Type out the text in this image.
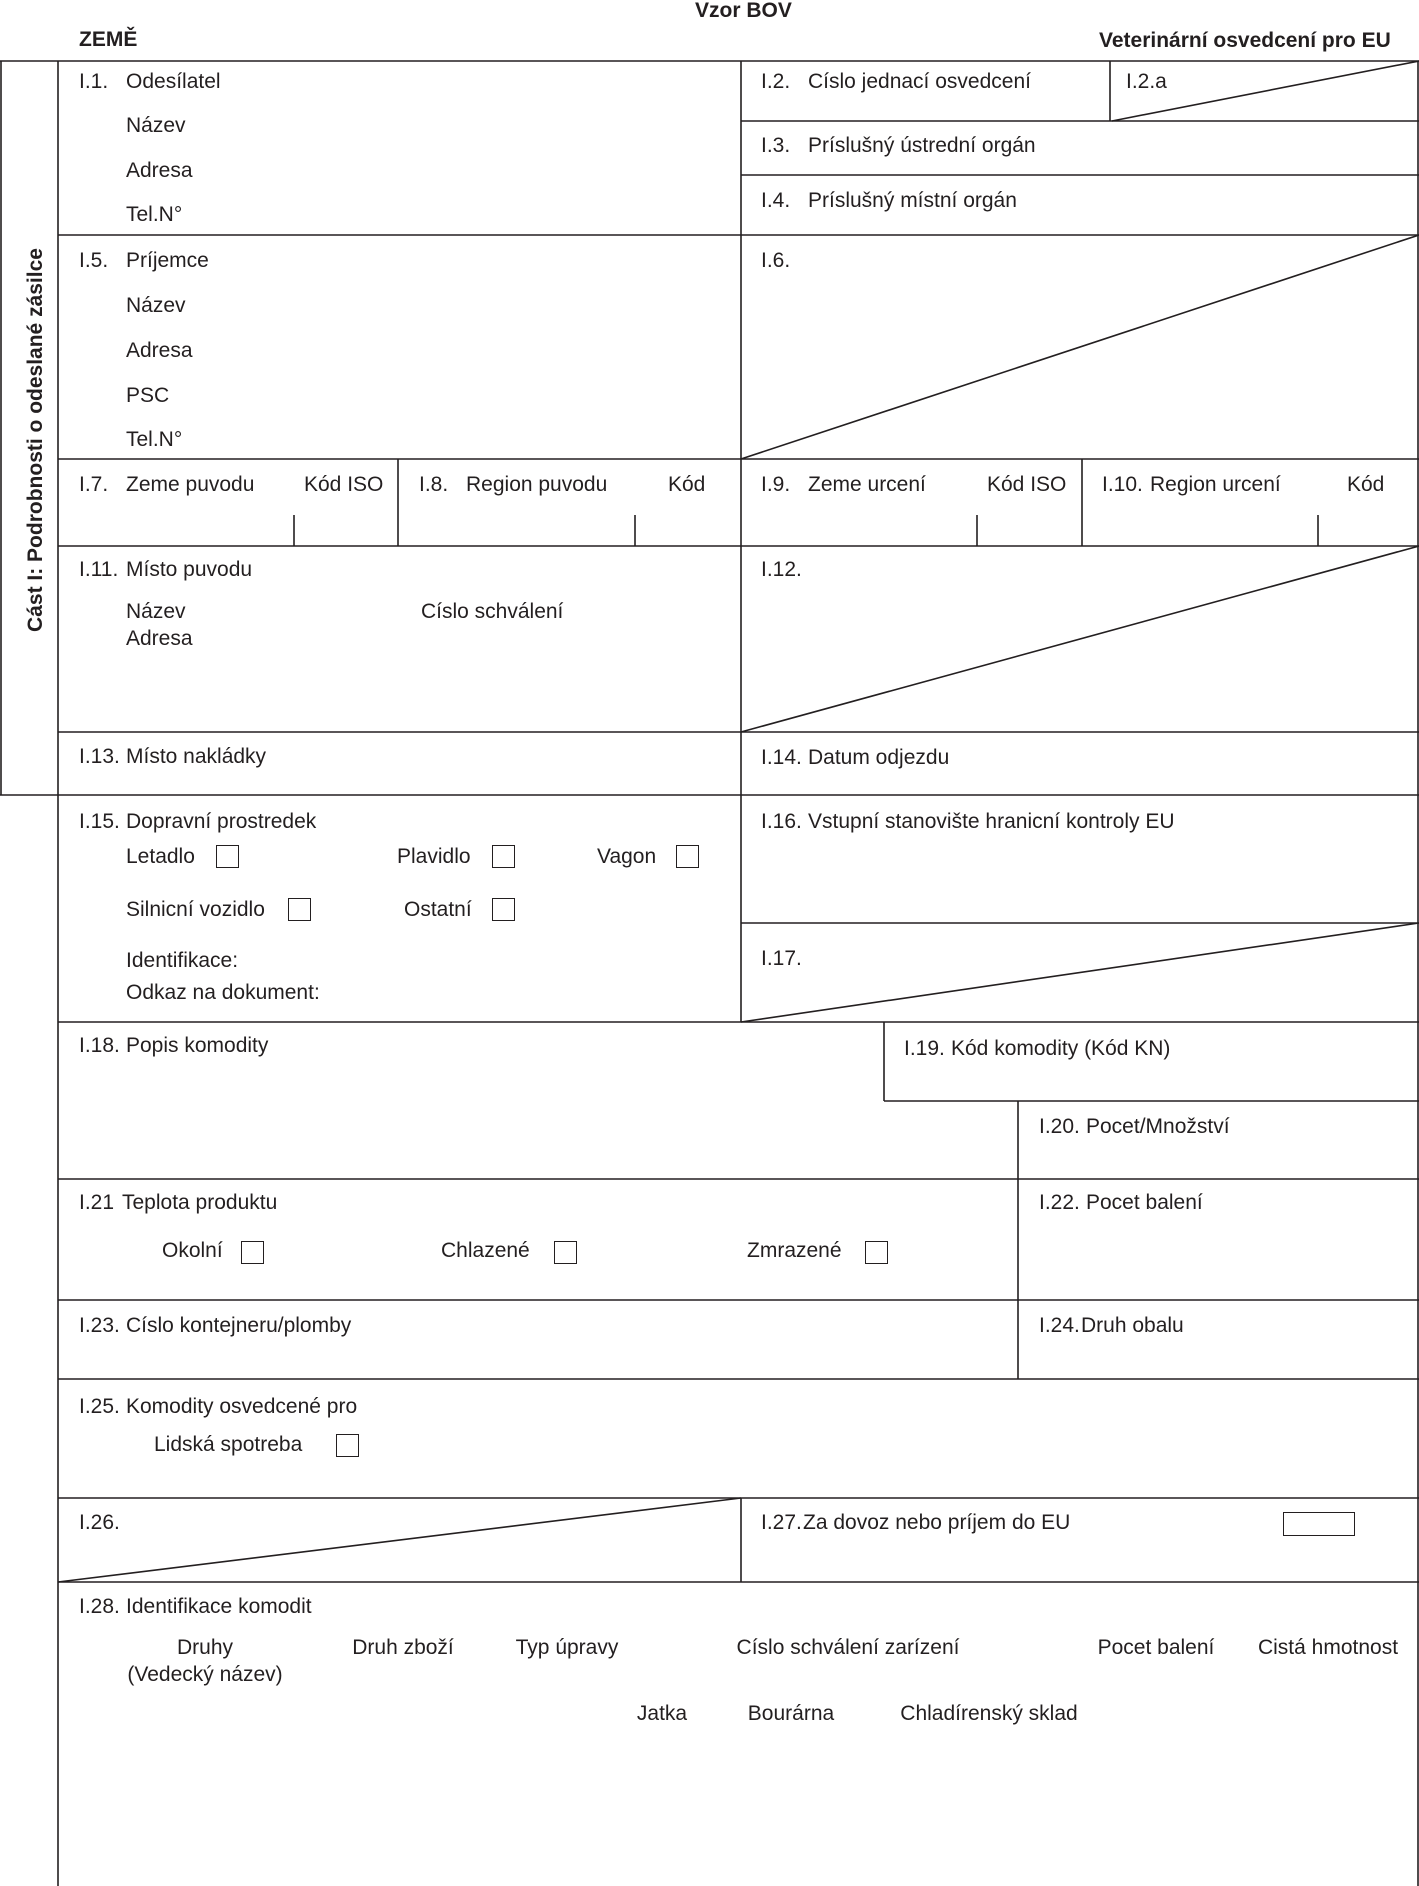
Vzor BOV
ZEMĚ	Veterinární osvedcení pro EU
Cást I: Podrobnosti o odeslané zásilce
I.1. Odesílatel
Název
Adresa
Tel.N°
I.2. Císlo jednací osvedcení	I.2.a
I.3. Príslušný ústrední orgán
I.4. Príslušný místní orgán
I.5. Príjemce
Název
Adresa
PSC
Tel.N°
I.6.
I.7. Zeme puvodu Kód ISO I.8. Region puvodu	Kód	I.9. Zeme urcení	Kód ISO I.10. Region urcení	Kód
I.11. Místo puvodu
Název	Císlo schválení
Adresa
I.12.
I.13. Místo nakládky	I.14. Datum odjezdu
I.15. Dopravní prostredek
Letadlo	Plavidlo	Vagon
Silnicní vozidlo	Ostatní
Identifikace:
Odkaz na dokument:
I.16. Vstupní stanovište hranicní kontroly EU
I.17.
I.18. Popis komodity	I.19. Kód komodity (Kód KN)
I.20. Pocet/Množství
I.21 Teplota produktu
Okolní	Chlazené	Zmrazené
I.22. Pocet balení
I.23. Císlo kontejneru/plomby	I.24. Druh obalu
I.25. Komodity osvedcené pro
Lidská spotreba
I.26.	I.27. Za dovoz nebo príjem do EU
I.28. Identifikace komodit
Druhy
(Vedecký název)
Druh zboží	Typ úpravy	Císlo schválení zarízení	Pocet balení Cistá hmotnost
Jatka	Bourárna	Chladírenský sklad
